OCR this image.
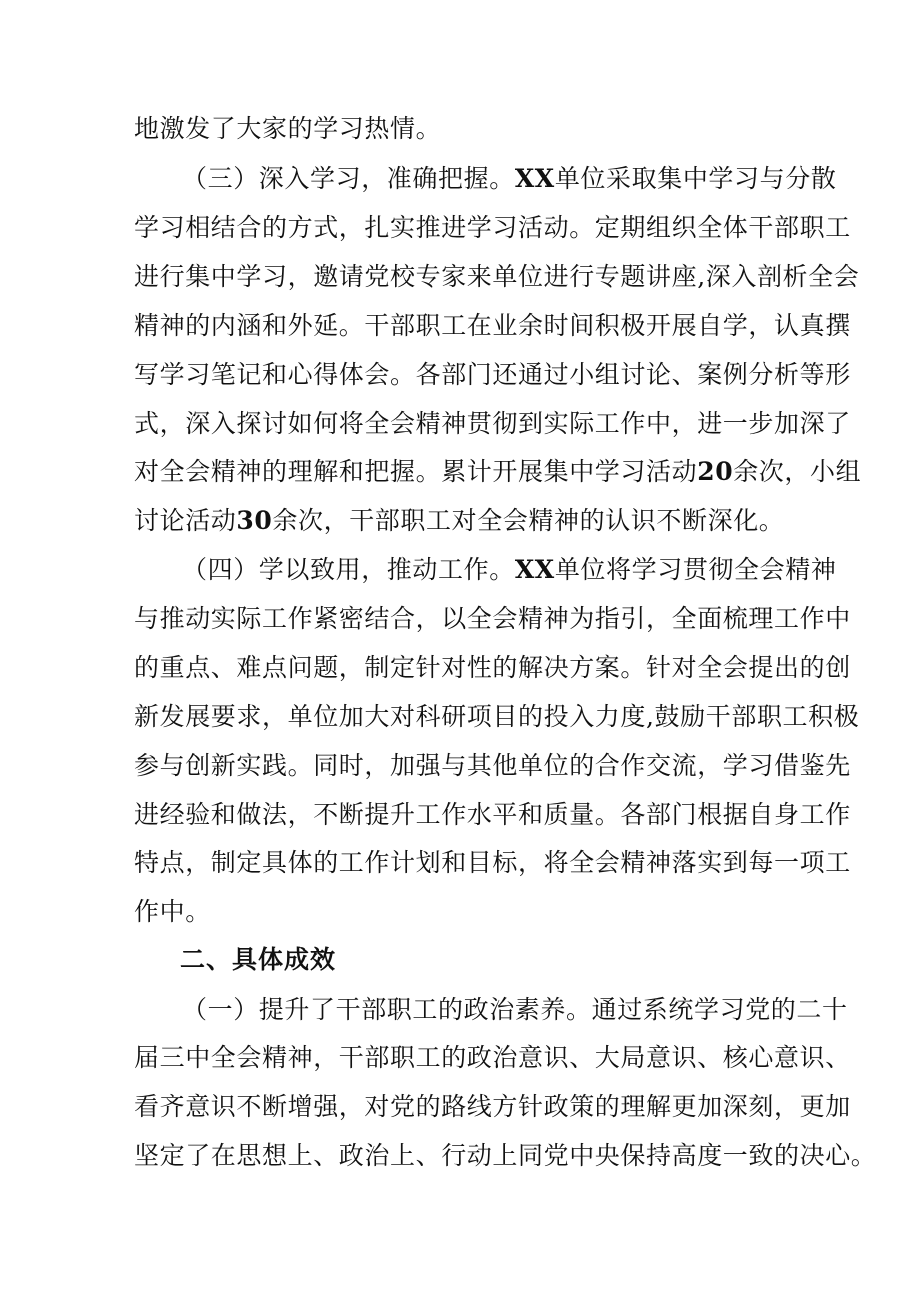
地激发了大家的学习热情。
（三）深入学习，准确把握。XX单位采取集中学习与分散
学习相结合的方式，扎实推进学习活动。定期组织全体干部职工
进行集中学习，邀请党校专家来单位进行专题讲座,深入剖析全会
精神的内涵和外延。干部职工在业余时间积极开展自学，认真撰
写学习笔记和心得体会。各部门还通过小组讨论、案例分析等形
式，深入探讨如何将全会精神贯彻到实际工作中，进一步加深了
对全会精神的理解和把握。累计开展集中学习活动20余次，小组
讨论活动30余次，干部职工对全会精神的认识不断深化。
（四）学以致用，推动工作。XX单位将学习贯彻全会精神
与推动实际工作紧密结合，以全会精神为指引，全面梳理工作中
的重点、难点问题，制定针对性的解决方案。针对全会提出的创
新发展要求，单位加大对科研项目的投入力度,鼓励干部职工积极
参与创新实践。同时，加强与其他单位的合作交流，学习借鉴先
进经验和做法，不断提升工作水平和质量。各部门根据自身工作
特点，制定具体的工作计划和目标，将全会精神落实到每一项工
作中。
二、具体成效
（一）提升了干部职工的政治素养。通过系统学习党的二十
届三中全会精神，干部职工的政治意识、大局意识、核心意识、
看齐意识不断增强，对党的路线方针政策的理解更加深刻，更加
坚定了在思想上、政治上、行动上同党中央保持高度一致的决心。
